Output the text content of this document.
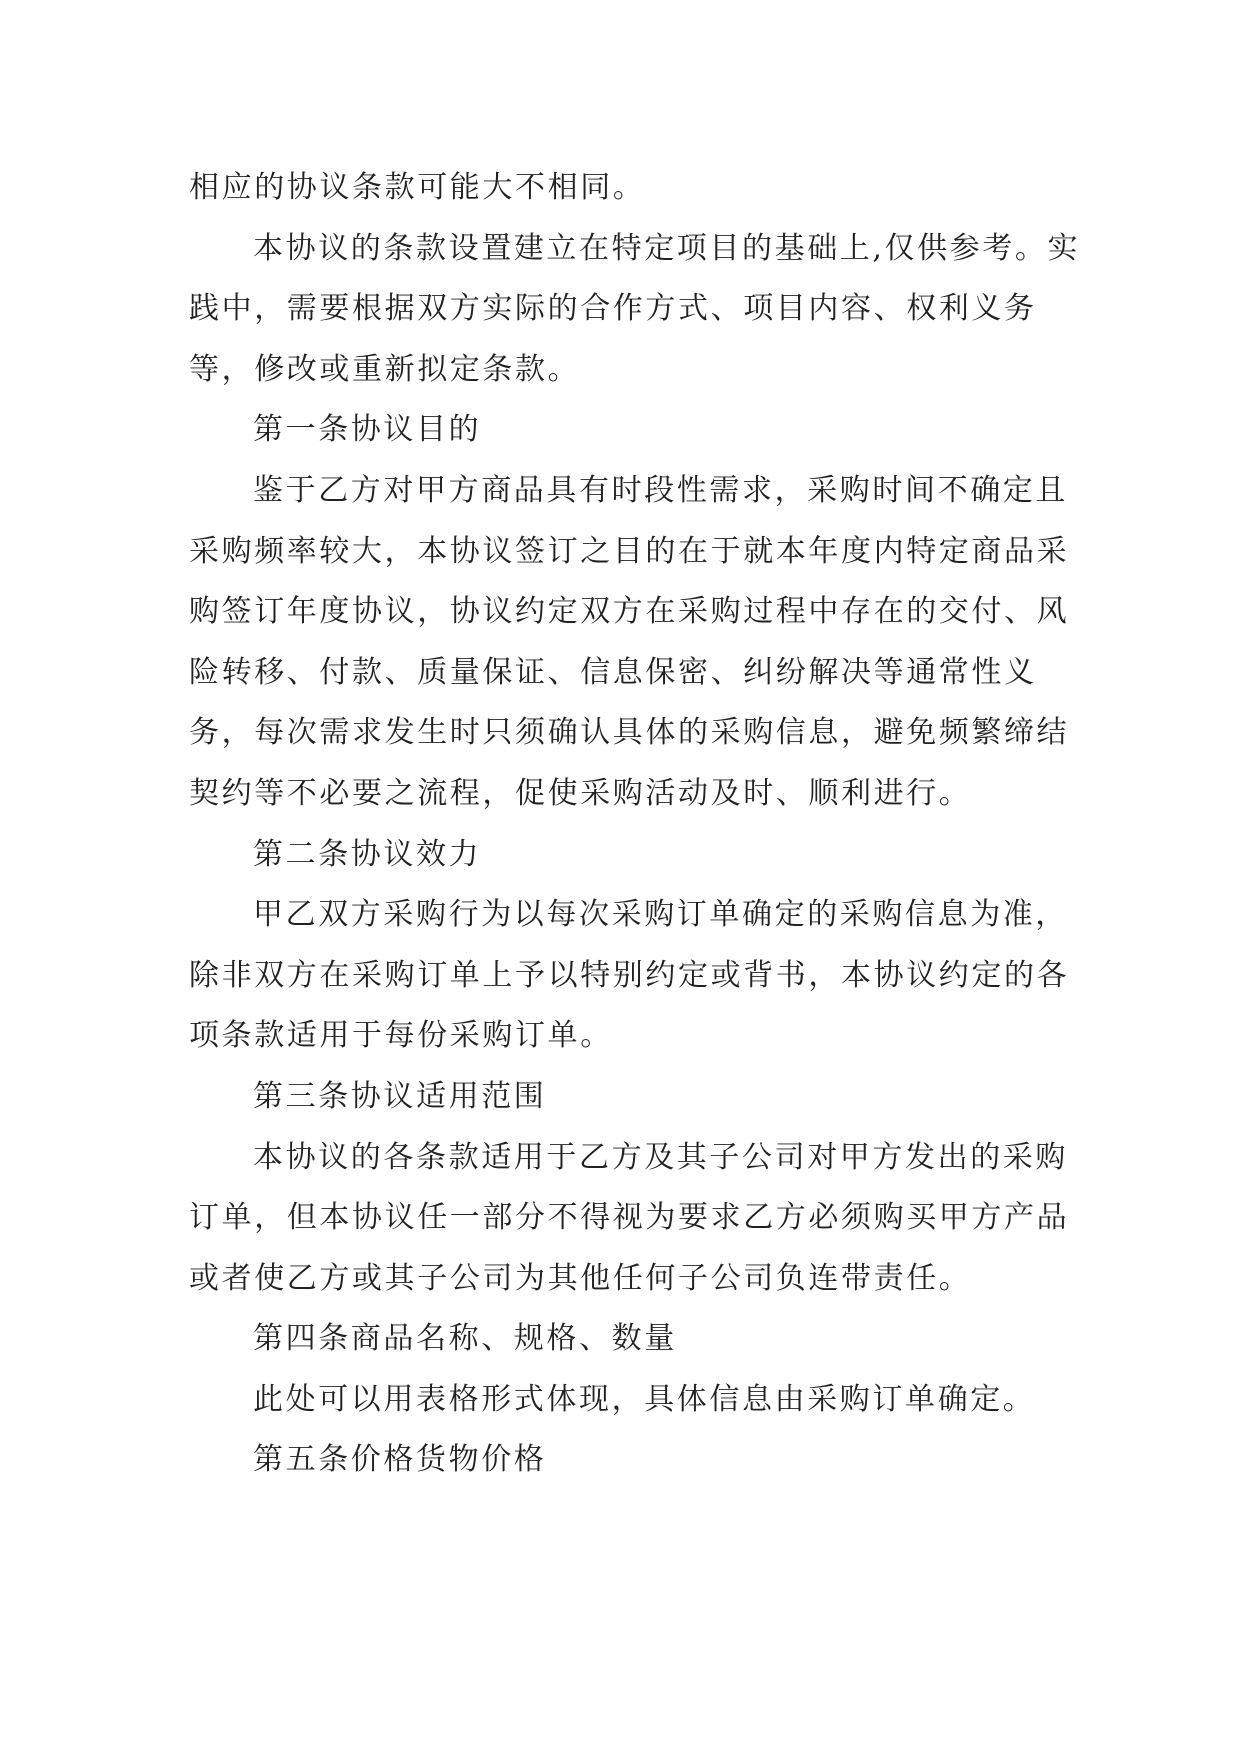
相应的协议条款可能大不相同。

本协议的条款设置建立在特定项目的基础上,仅供参考。实践中，需要根据双方实际的合作方式、项目内容、权利义务等，修改或重新拟定条款。

第一条协议目的

鉴于乙方对甲方商品具有时段性需求，采购时间不确定且采购频率较大，本协议签订之目的在于就本年度内特定商品采购签订年度协议，协议约定双方在采购过程中存在的交付、风险转移、付款、质量保证、信息保密、纠纷解决等通常性义务，每次需求发生时只须确认具体的采购信息，避免频繁缔结契约等不必要之流程，促使采购活动及时、顺利进行。

第二条协议效力

甲乙双方采购行为以每次采购订单确定的采购信息为准，除非双方在采购订单上予以特别约定或背书，本协议约定的各项条款适用于每份采购订单。

第三条协议适用范围

本协议的各条款适用于乙方及其子公司对甲方发出的采购订单，但本协议任一部分不得视为要求乙方必须购买甲方产品或者使乙方或其子公司为其他任何子公司负连带责任。

第四条商品名称、规格、数量

此处可以用表格形式体现，具体信息由采购订单确定。

第五条价格货物价格
